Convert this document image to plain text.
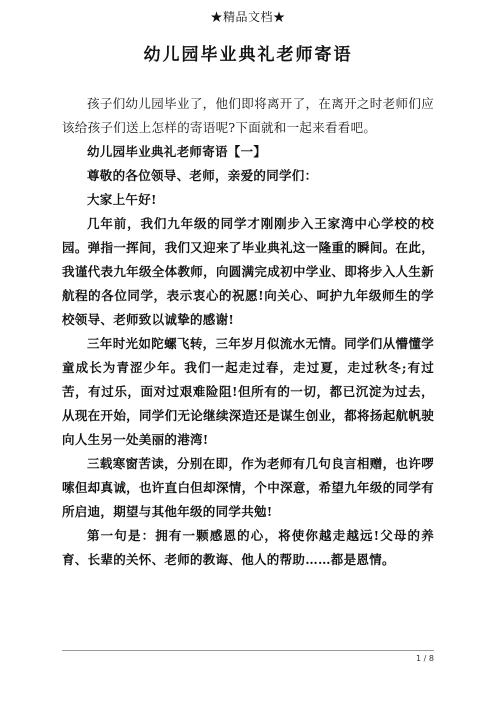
★精品文档★
幼儿园毕业典礼老师寄语

孩子们幼儿园毕业了，他们即将离开了，在离开之时老师们应该给孩子们送上怎样的寄语呢?下面就和一起来看看吧。

幼儿园毕业典礼老师寄语【一】

尊敬的各位领导、老师，亲爱的同学们：

大家上午好!

几年前，我们九年级的同学才刚刚步入王家湾中心学校的校园。弹指一挥间，我们又迎来了毕业典礼这一隆重的瞬间。在此，我谨代表九年级全体教师，向圆满完成初中学业、即将步入人生新航程的各位同学，表示衷心的祝愿!向关心、呵护九年级师生的学校领导、老师致以诚挚的感谢!

三年时光如陀螺飞转，三年岁月似流水无情。同学们从懵懂学童成长为青涩少年。我们一起走过春，走过夏，走过秋冬;有过苦，有过乐，面对过艰难险阻!但所有的一切，都已沉淀为过去，从现在开始，同学们无论继续深造还是谋生创业，都将扬起航帆驶向人生另一处美丽的港湾!

三载寒窗苦读，分别在即，作为老师有几句良言相赠，也许啰嗦但却真诚，也许直白但却深情，个中深意，希望九年级的同学有所启迪，期望与其他年级的同学共勉!

第一句是：拥有一颗感恩的心，将使你越走越远!父母的养育、长辈的关怀、老师的教诲、他人的帮助……都是恩情。

1 / 8
